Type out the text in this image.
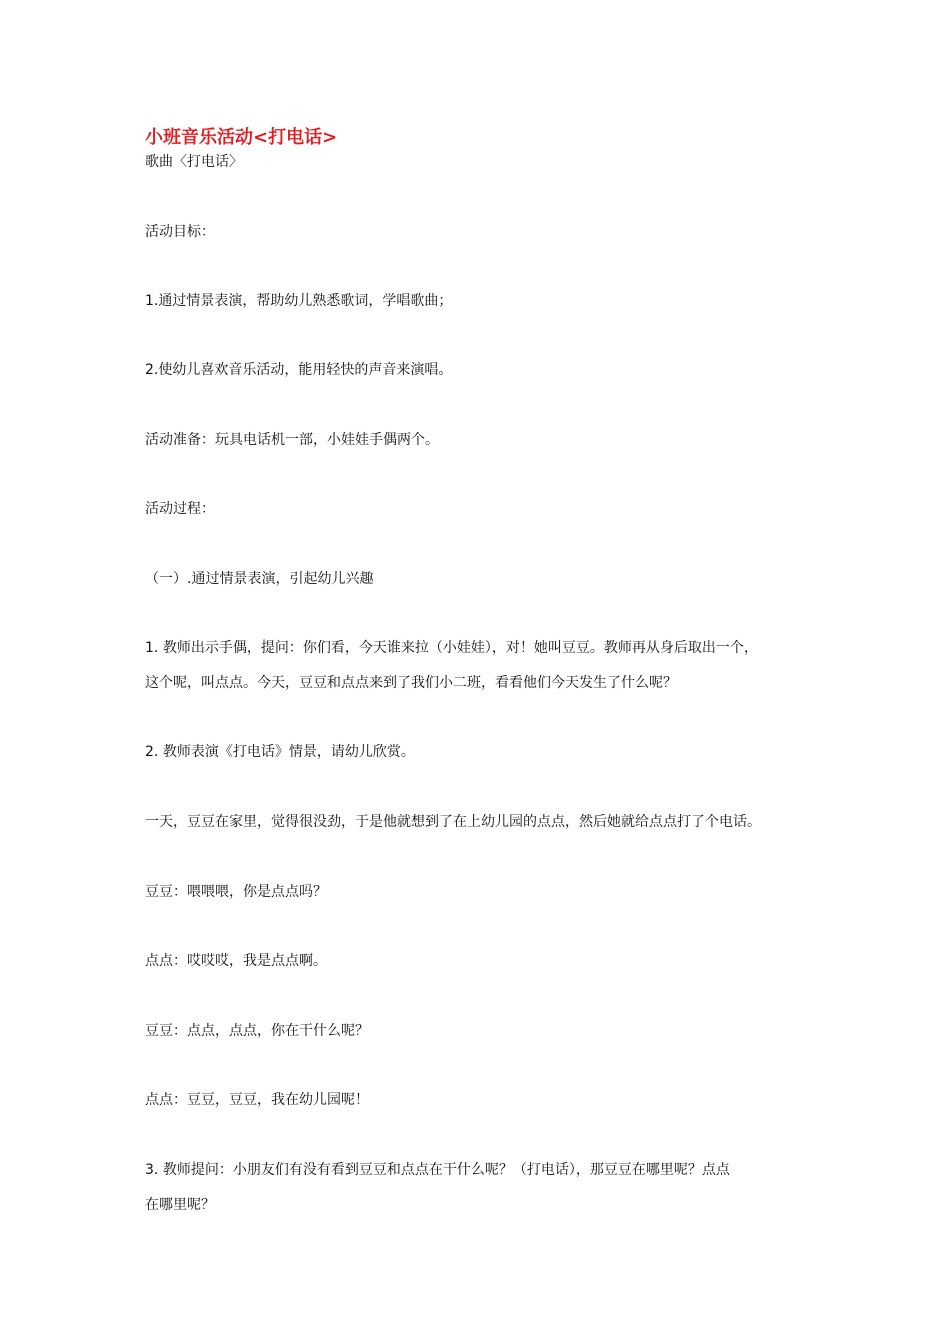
小班音乐活动<打电话>
歌曲〈打电话〉
活动目标：
1.通过情景表演，帮助幼儿熟悉歌词，学唱歌曲；
2.使幼儿喜欢音乐活动，能用轻快的声音来演唱。
活动准备：玩具电话机一部，小娃娃手偶两个。
活动过程：
（一）.通过情景表演，引起幼儿兴趣
1. 教师出示手偶，提问：你们看，今天谁来拉（小娃娃），对！她叫豆豆。教师再从身后取出一个，
这个呢，叫点点。今天，豆豆和点点来到了我们小二班，看看他们今天发生了什么呢？
2. 教师表演《打电话》情景，请幼儿欣赏。
一天，豆豆在家里，觉得很没劲，于是他就想到了在上幼儿园的点点，然后她就给点点打了个电话。
豆豆：喂喂喂，你是点点吗？
点点：哎哎哎，我是点点啊。
豆豆：点点，点点，你在干什么呢？
点点：豆豆，豆豆，我在幼儿园呢！
3. 教师提问：小朋友们有没有看到豆豆和点点在干什么呢？（打电话），那豆豆在哪里呢？点点
在哪里呢？
